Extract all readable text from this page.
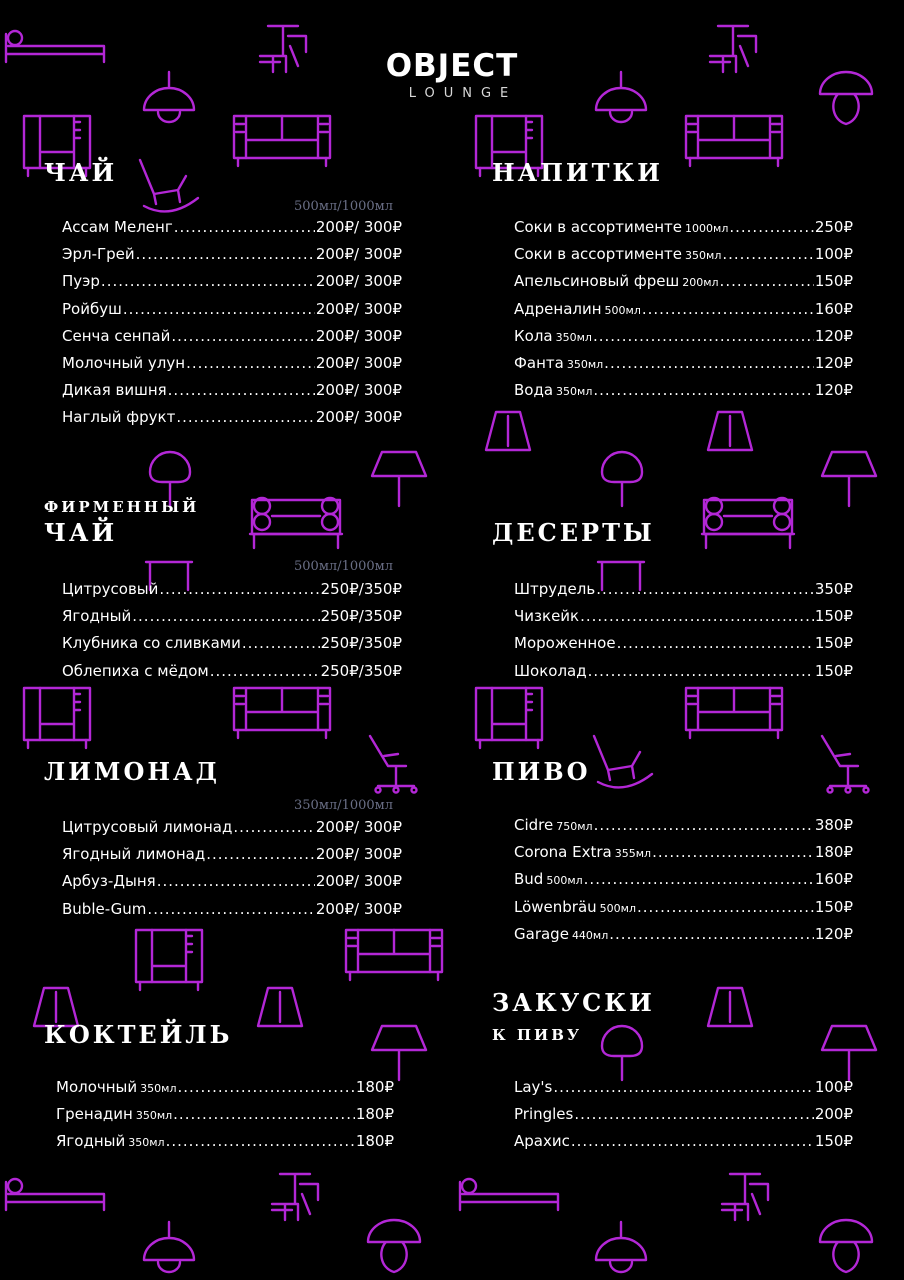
OBJECT
LOUNGE
ЧАЙ
500мл/1000мл
Ассам Меленг .....	200₽/ 300₽
Эрл-Грей .....	200₽/ 300₽
Пуэр .....	200₽/ 300₽
Ройбуш .....	200₽/ 300₽
Сенча сенпай .....	200₽/ 300₽
Молочный улун .....	200₽/ 300₽
Дикая вишня .....	200₽/ 300₽
Наглый фрукт .....	200₽/ 300₽
ФИРМЕННЫЙ
ЧАЙ
500мл/1000мл
Цитрусовый .....	250₽/350₽
Ягодный .....	250₽/350₽
Клубника со сливками .....	250₽/350₽
Облепиха с мёдом .....	250₽/350₽
ЛИМОНАД
350мл/1000мл
Цитрусовый лимонад .....	200₽/ 300₽
Ягодный лимонад .....	200₽/ 300₽
Арбуз-Дыня .....	200₽/ 300₽
Buble-Gum .....	200₽/ 300₽
КОКТЕЙЛЬ
Молочный 350мл .....	180₽
Гренадин 350мл .....	180₽
Ягодный 350мл .....	180₽
НАПИТКИ
Соки в ассортименте 1000мл .....	250₽
Соки в ассортименте 350мл .....	100₽
Апельсиновый фреш 200мл .....	150₽
Адреналин 500мл .....	160₽
Кола 350мл .....	120₽
Фанта 350мл .....	120₽
Вода 350мл .....	120₽
ДЕСЕРТЫ
Штрудель .....	350₽
Чизкейк .....	150₽
Мороженное .....	150₽
Шоколад .....	150₽
ПИВО
Cidre 750мл .....	380₽
Corona Extra 355мл .....	180₽
Bud 500мл .....	160₽
Löwenbräu 500мл .....	150₽
Garage 440мл .....	120₽
ЗАКУСКИ
К ПИВУ
Lay's .....	100₽
Pringles .....	200₽
Арахис .....	150₽
